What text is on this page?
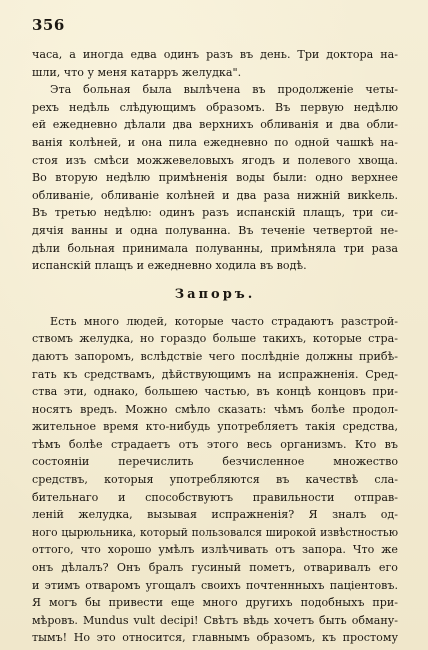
356
часа, а иногда едва одинъ разъ въ день. Три доктора на-
шли, что у меня катарръ желудка".
Эта больная была вылѣчена въ продолженіе четы-
рехъ недѣль слѣдующимъ образомъ. Въ первую недѣлю
ей ежедневно дѣлали два верхнихъ обливанія и два обли-
ванія колѣней, и она пила ежедневно по одной чашкѣ на-
стоя изъ смѣси можжевеловыхъ ягодъ и полевого хвоща.
Во вторую недѣлю примѣненія воды были: одно верхнее
обливаніе, обливаніе колѣней и два раза нижній викkель.
Въ третью недѣлю: одинъ разъ испанскій плащъ, три си-
дячія ванны и одна полуванна. Въ теченіе четвертой не-
дѣли больная принимала полуванны, примѣняла три раза
испанскій плащъ и ежедневно ходила въ водѣ.
Запоръ.
Есть много людей, которые часто страдаютъ разстрой-
ствомъ желудка, но гораздо больше такихъ, которые стра-
даютъ запоромъ, вслѣдствіе чего послѣдніе должны прибѣ-
гать къ средствамъ, дѣйствующимъ на испражненія. Сред-
ства эти, однако, большею частью, въ концѣ концовъ при-
носятъ вредъ. Можно смѣло сказать: чѣмъ болѣе продол-
жительное время кто-нибудь употребляетъ такія средства,
тѣмъ болѣе страдаетъ отъ этого весь организмъ. Кто въ
состояніи перечислить безчисленное множество
средствъ, которыя употребляются въ качествѣ сла-
бительнаго и способствуютъ правильности отправ-
леній желудка, вызывая испражненія? Я зналъ од-
ного цырюльника, который пользовался широкой извѣстностью
оттого, что хорошо умѣлъ излѣчивать отъ запора. Что же
онъ дѣлалъ? Онъ бралъ гусиный пометъ, отваривалъ его
и этимъ отваромъ угощалъ своихъ почтеннныхъ пацiентовъ.
Я могъ бы привести еще много другихъ подобныхъ при-
мѣровъ. Mundus vult decipi! Свѣтъ вѣдь хочетъ быть обману-
тымъ! Но это относится, главнымъ образомъ, къ простому
